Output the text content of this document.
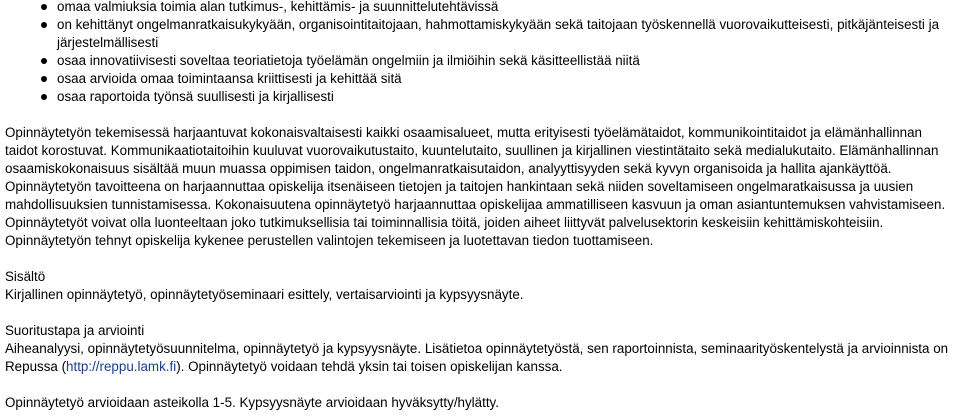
omaa valmiuksia toimia alan tutkimus-, kehittämis- ja suunnittelutehtävissä
on kehittänyt ongelmanratkaisukykyään, organisointitaitojaan, hahmottamiskykyään sekä taitojaan työskennellä vuorovaikutteisesti, pitkäjänteisesti ja järjestelmällisesti
osaa innovatiivisesti soveltaa teoriatietoja työelämän ongelmiin ja ilmiöihin sekä käsitteellistää niitä
osaa arvioida omaa toimintaansa kriittisesti ja kehittää sitä
osaa raportoida työnsä suullisesti ja kirjallisesti

Opinnäytetyön tekemisessä harjaantuvat kokonaisvaltaisesti kaikki osaamisalueet, mutta erityisesti työelämätaidot, kommunikointitaidot ja elämänhallinnan taidot korostuvat. Kommunikaatiotaitoihin kuuluvat vuorovaikutustaito, kuuntelutaito, suullinen ja kirjallinen viestintätaito sekä medialukutaito. Elämänhallinnan osaamiskokonaisuus sisältää muun muassa oppimisen taidon, ongelmanratkaisutaidon, analyyttisyyden sekä kyvyn organisoida ja hallita ajankäyttöä. Opinnäytetyön tavoitteena on harjaannuttaa opiskelija itsenäiseen tietojen ja taitojen hankintaan sekä niiden soveltamiseen ongelmaratkaisussa ja uusien mahdollisuuksien tunnistamisessa. Kokonaisuutena opinnäytetyö harjaannuttaa opiskelijaa ammatilliseen kasvuun ja oman asiantuntemuksen vahvistamiseen. Opinnäytetyöt voivat olla luonteeltaan joko tutkimuksellisia tai toiminnallisia töitä, joiden aiheet liittyvät palvelusektorin keskeisiin kehittämiskohteisiin. Opinnäytetyön tehnyt opiskelija kykenee perustellen valintojen tekemiseen ja luotettavan tiedon tuottamiseen.

Sisältö

Kirjallinen opinnäytetyö, opinnäytetyöseminaari esittely, vertaisarviointi ja kypsyysnäyte.

Suoritustapa ja arviointi

Aiheanalyysi, opinnäytetyösuunnitelma, opinnäytetyö ja kypsyysnäyte. Lisätietoa opinnäytetyöstä, sen raportoinnista, seminaarityöskentelystä ja arvioinnista on Repussa (http://reppu.lamk.fi). Opinnäytetyö voidaan tehdä yksin tai toisen opiskelijan kanssa.

Opinnäytetyö arvioidaan asteikolla 1-5. Kypsyysnäyte arvioidaan hyväksytty/hylätty.
